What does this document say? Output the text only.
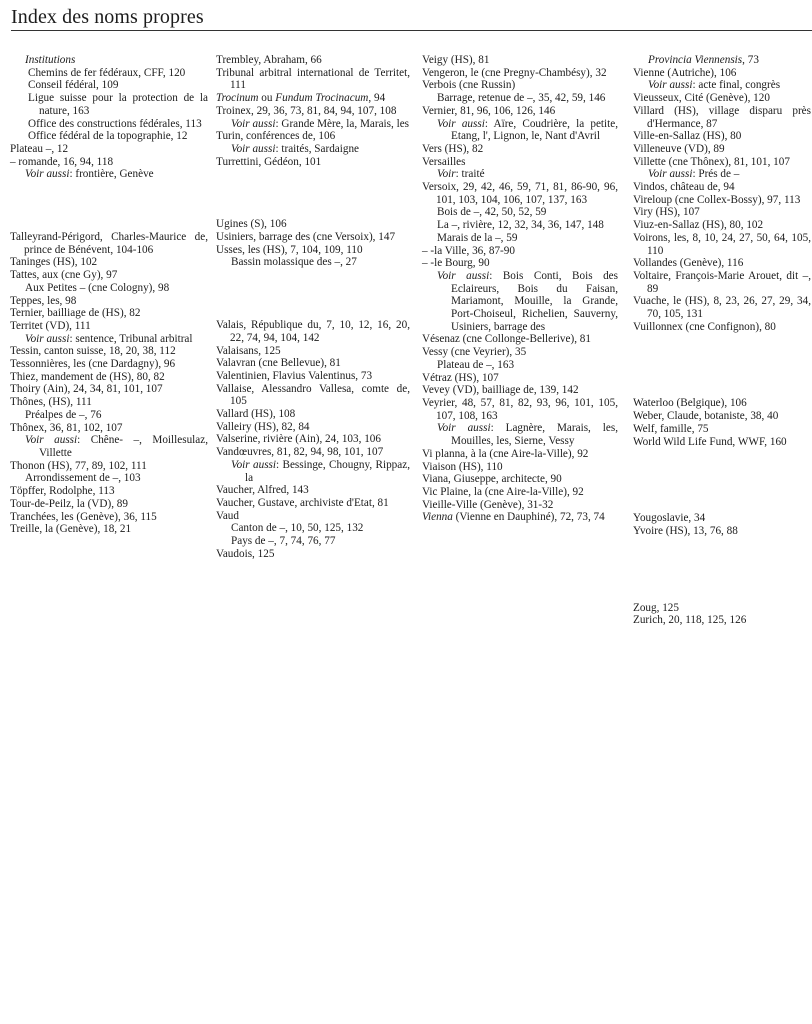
Index des noms propres
Institutions
Chemins de fer fédéraux, CFF, 120
Conseil fédéral, 109
Ligue suisse pour la protection de la nature, 163
Office des constructions fédérales, 113
Office fédéral de la topographie, 12
Plateau –, 12
– romande, 16, 94, 118
Voir aussi: frontière, Genève
Talleyrand-Périgord, Charles-Maurice de, prince de Bénévent, 104-106
Taninges (HS), 102
Tattes, aux (cne Gy), 97
Aux Petites – (cne Cologny), 98
Teppes, les, 98
Ternier, bailliage de (HS), 82
Territet (VD), 111
Voir aussi: sentence, Tribunal arbitral
Tessin, canton suisse, 18, 20, 38, 112
Tessonnières, les (cne Dardagny), 96
Thiez, mandement de (HS), 80, 82
Thoiry (Ain), 24, 34, 81, 101, 107
Thônes, (HS), 111
Préalpes de –, 76
Thônex, 36, 81, 102, 107
Voir aussi: Chêne- –, Moillesulaz, Villette
Thonon (HS), 77, 89, 102, 111
Arrondissement de –, 103
Töpffer, Rodolphe, 113
Tour-de-Peilz, la (VD), 89
Tranchées, les (Genève), 36, 115
Treille, la (Genève), 18, 21
Trembley, Abraham, 66
Tribunal arbitral international de Territet, 111
Trocinum ou Fundum Trocinacum, 94
Troinex, 29, 36, 73, 81, 84, 94, 107, 108
Voir aussi: Grande Mère, la, Marais, les
Turin, conférences de, 106
Voir aussi: traités, Sardaigne
Turrettini, Gédéon, 101
Ugines (S), 106
Usiniers, barrage des (cne Versoix), 147
Usses, les (HS), 7, 104, 109, 110
Bassin molassique des –, 27
Valais, République du, 7, 10, 12, 16, 20, 22, 74, 94, 104, 142
Valaisans, 125
Valavran (cne Bellevue), 81
Valentinien, Flavius Valentinus, 73
Vallaise, Alessandro Vallesa, comte de, 105
Vallard (HS), 108
Valleiry (HS), 82, 84
Valserine, rivière (Ain), 24, 103, 106
Vandœuvres, 81, 82, 94, 98, 101, 107
Voir aussi: Bessinge, Chougny, Rippaz, la
Vaucher, Alfred, 143
Vaucher, Gustave, archiviste d'Etat, 81
Vaud
Canton de –, 10, 50, 125, 132
Pays de –, 7, 74, 76, 77
Vaudois, 125
Veigy (HS), 81
Vengeron, le (cne Pregny-Chambésy), 32
Verbois (cne Russin)
Barrage, retenue de –, 35, 42, 59, 146
Vernier, 81, 96, 106, 126, 146
Voir aussi: Aïre, Coudrière, la petite, Etang, l', Lignon, le, Nant d'Avril
Vers (HS), 82
Versailles
Voir: traité
Versoix, 29, 42, 46, 59, 71, 81, 86-90, 96, 101, 103, 104, 106, 107, 137, 163
Bois de –, 42, 50, 52, 59
La –, rivière, 12, 32, 34, 36, 147, 148
Marais de la –, 59
– -la Ville, 36, 87-90
– -le Bourg, 90
Voir aussi: Bois Conti, Bois des Eclaireurs, Bois du Faisan, Mariamont, Mouille, la Grande, Port-Choiseul, Richelien, Sauverny, Usiniers, barrage des
Vésenaz (cne Collonge-Bellerive), 81
Vessy (cne Veyrier), 35
Plateau de –, 163
Vétraz (HS), 107
Vevey (VD), bailliage de, 139, 142
Veyrier, 48, 57, 81, 82, 93, 96, 101, 105, 107, 108, 163
Voir aussi: Lagnère, Marais, les, Mouilles, les, Sierne, Vessy
Vi planna, à la (cne Aire-la-Ville), 92
Viaison (HS), 110
Viana, Giuseppe, architecte, 90
Vic Plaine, la (cne Aire-la-Ville), 92
Vieille-Ville (Genève), 31-32
Vienna (Vienne en Dauphiné), 72, 73, 74
Provincia Viennensis, 73
Vienne (Autriche), 106
Voir aussi: acte final, congrès
Vieusseux, Cité (Genève), 120
Villard (HS), village disparu près d'Hermance, 87
Ville-en-Sallaz (HS), 80
Villeneuve (VD), 89
Villette (cne Thônex), 81, 101, 107
Voir aussi: Prés de –
Vindos, château de, 94
Vireloup (cne Collex-Bossy), 97, 113
Viry (HS), 107
Viuz-en-Sallaz (HS), 80, 102
Voirons, les, 8, 10, 24, 27, 50, 64, 105, 110
Vollandes (Genève), 116
Voltaire, François-Marie Arouet, dit –, 89
Vuache, le (HS), 8, 23, 26, 27, 29, 34, 70, 105, 131
Vuillonnex (cne Confignon), 80
Waterloo (Belgique), 106
Weber, Claude, botaniste, 38, 40
Welf, famille, 75
World Wild Life Fund, WWF, 160
Yougoslavie, 34
Yvoire (HS), 13, 76, 88
Zoug, 125
Zurich, 20, 118, 125, 126
